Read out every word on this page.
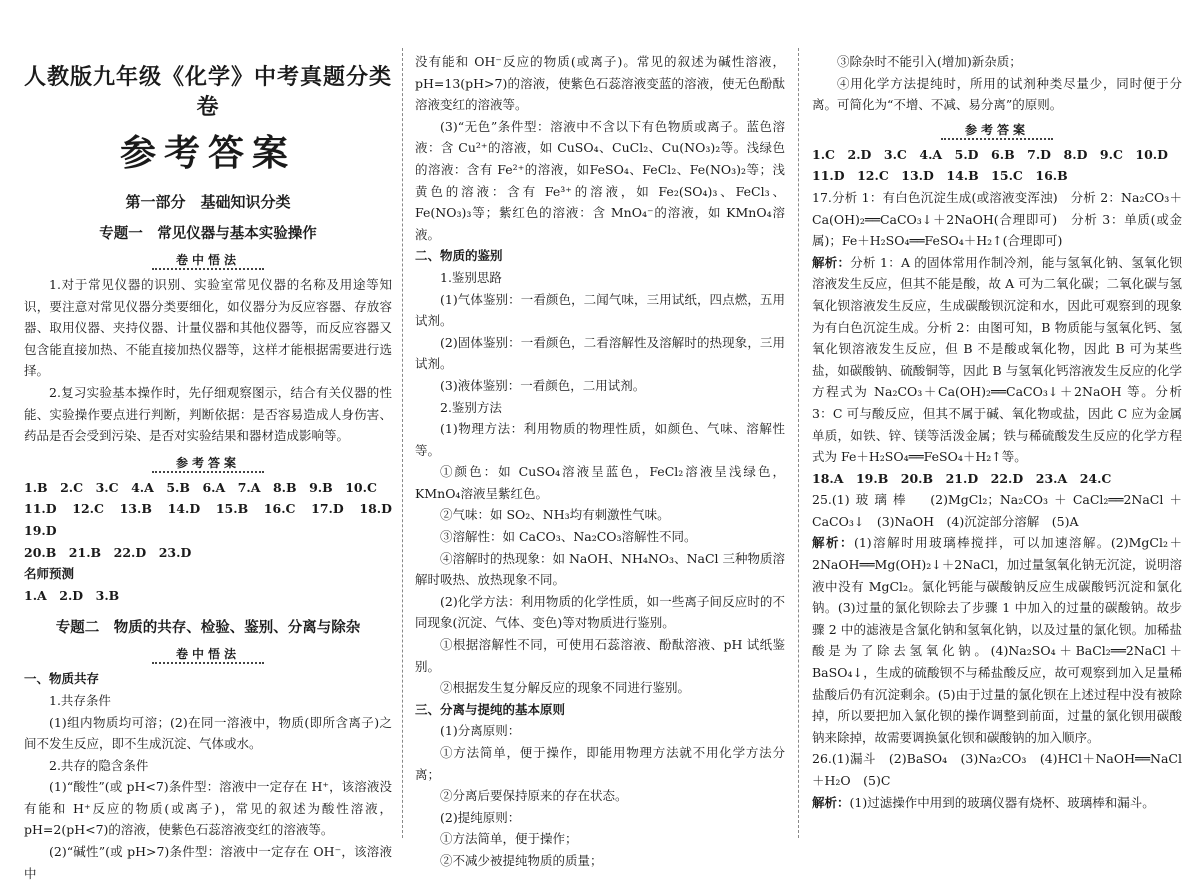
人教版九年级《化学》中考真题分类卷

参考答案

第一部分　基础知识分类

专题一　常见仪器与基本实验操作

卷中悟法

1.对于常见仪器的识别、实验室常见仪器的名称及用途等知识，要注意对常见仪器分类要细化，如仪器分为反应容器、存放容器、取用仪器、夹持仪器、计量仪器和其他仪器等，而反应容器又包含能直接加热、不能直接加热仪器等，这样才能根据需要进行选择。

2.复习实验基本操作时，先仔细观察图示，结合有关仪器的性能、实验操作要点进行判断，判断依据：是否容易造成人身伤害、药品是否会受到污染、是否对实验结果和器材造成影响等。

参考答案

1.B　2.C　3.C　4.A　5.B　6.A　7.A　8.B　9.B　10.C

11.D　12.C　13.B　14.D　15.B　16.C　17.D　18.D　19.D

20.B　21.B　22.D　23.D

名师预测

1.A　2.D　3.B

专题二　物质的共存、检验、鉴别、分离与除杂

卷中悟法

一、物质共存

1.共存条件

(1)组内物质均可溶；(2)在同一溶液中，物质(即所含离子)之间不发生反应，即不生成沉淀、气体或水。

2.共存的隐含条件

(1)“酸性”(或 pH<7)条件型：溶液中一定存在 H⁺，该溶液没有能和 H⁺反应的物质(或离子)，常见的叙述为酸性溶液，pH=2(pH<7)的溶液，使紫色石蕊溶液变红的溶液等。

(2)“碱性”(或 pH>7)条件型：溶液中一定存在 OH⁻，该溶液中

没有能和 OH⁻反应的物质(或离子)。常见的叙述为碱性溶液，pH=13(pH>7)的溶液，使紫色石蕊溶液变蓝的溶液，使无色酚酞溶液变红的溶液等。

(3)“无色”条件型：溶液中不含以下有色物质或离子。蓝色溶液：含 Cu²⁺的溶液，如 CuSO₄、CuCl₂、Cu(NO₃)₂等。浅绿色的溶液：含有 Fe²⁺的溶液，如FeSO₄、FeCl₂、Fe(NO₃)₂等；浅黄色的溶液：含有 Fe³⁺的溶液，如 Fe₂(SO₄)₃、FeCl₃、Fe(NO₃)₃等；紫红色的溶液：含 MnO₄⁻的溶液，如 KMnO₄溶液。

二、物质的鉴别

1.鉴别思路

(1)气体鉴别：一看颜色，二闻气味，三用试纸，四点燃，五用试剂。

(2)固体鉴别：一看颜色，二看溶解性及溶解时的热现象，三用试剂。

(3)液体鉴别：一看颜色，二用试剂。

2.鉴别方法

(1)物理方法：利用物质的物理性质，如颜色、气味、溶解性等。

①颜色：如 CuSO₄溶液呈蓝色，FeCl₂溶液呈浅绿色，KMnO₄溶液呈紫红色。

②气味：如 SO₂、NH₃均有刺激性气味。

③溶解性：如 CaCO₃、Na₂CO₃溶解性不同。

④溶解时的热现象：如 NaOH、NH₄NO₃、NaCl 三种物质溶解时吸热、放热现象不同。

(2)化学方法：利用物质的化学性质，如一些离子间反应时的不同现象(沉淀、气体、变色)等对物质进行鉴别。

①根据溶解性不同，可使用石蕊溶液、酚酞溶液、pH 试纸鉴别。

②根据发生复分解反应的现象不同进行鉴别。

三、分离与提纯的基本原则

(1)分离原则：

①方法简单，便于操作，即能用物理方法就不用化学方法分离；

②分离后要保持原来的存在状态。

(2)提纯原则：

①方法简单，便于操作；

②不减少被提纯物质的质量；

③除杂时不能引入(增加)新杂质；

④用化学方法提纯时，所用的试剂种类尽量少，同时便于分离。可简化为“不增、不减、易分离”的原则。

参考答案

1.C　2.D　3.C　4.A　5.D　6.B　7.D　8.D　9.C　10.D

11.D　12.C　13.D　14.B　15.C　16.B

17.分析 1：有白色沉淀生成(或溶液变浑浊)　分析 2：Na₂CO₃＋Ca(OH)₂══CaCO₃↓＋2NaOH(合理即可)　分析 3：单质(或金属)；Fe＋H₂SO₄══FeSO₄＋H₂↑(合理即可)

解析：分析 1：A 的固体常用作制冷剂，能与氢氧化钠、氢氧化钡溶液发生反应，但其不能是酸，故 A 可为二氧化碳；二氧化碳与氢氧化钡溶液发生反应，生成碳酸钡沉淀和水，因此可观察到的现象为有白色沉淀生成。分析 2：由图可知，B 物质能与氢氧化钙、氢氧化钡溶液发生反应，但 B 不是酸或氧化物，因此 B 可为某些盐，如碳酸钠、硫酸铜等，因此 B 与氢氧化钙溶液发生反应的化学方程式为 Na₂CO₃＋Ca(OH)₂══CaCO₃↓＋2NaOH 等。分析 3：C 可与酸反应，但其不属于碱、氧化物或盐，因此 C 应为金属单质，如铁、锌、镁等活泼金属；铁与稀硫酸发生反应的化学方程式为 Fe＋H₂SO₄══FeSO₄＋H₂↑等。

18.A　19.B　20.B　21.D　22.D　23.A　24.C

25.(1)玻璃棒　(2)MgCl₂；Na₂CO₃＋CaCl₂══2NaCl＋CaCO₃↓　(3)NaOH　(4)沉淀部分溶解　(5)A

解析：(1)溶解时用玻璃棒搅拌，可以加速溶解。(2)MgCl₂＋2NaOH══Mg(OH)₂↓＋2NaCl，加过量氢氧化钠无沉淀，说明溶液中没有 MgCl₂。氯化钙能与碳酸钠反应生成碳酸钙沉淀和氯化钠。(3)过量的氯化钡除去了步骤 1 中加入的过量的碳酸钠。故步骤 2 中的滤液是含氯化钠和氢氧化钠，以及过量的氯化钡。加稀盐酸是为了除去氢氧化钠。(4)Na₂SO₄＋BaCl₂══2NaCl＋BaSO₄↓，生成的硫酸钡不与稀盐酸反应，故可观察到加入足量稀盐酸后仍有沉淀剩余。(5)由于过量的氯化钡在上述过程中没有被除掉，所以要把加入氯化钡的操作调整到前面，过量的氯化钡用碳酸钠来除掉，故需要调换氯化钡和碳酸钠的加入顺序。

26.(1)漏斗　(2)BaSO₄　(3)Na₂CO₃　(4)HCl＋NaOH══NaCl＋H₂O　(5)C

解析：(1)过滤操作中用到的玻璃仪器有烧杯、玻璃棒和漏斗。
